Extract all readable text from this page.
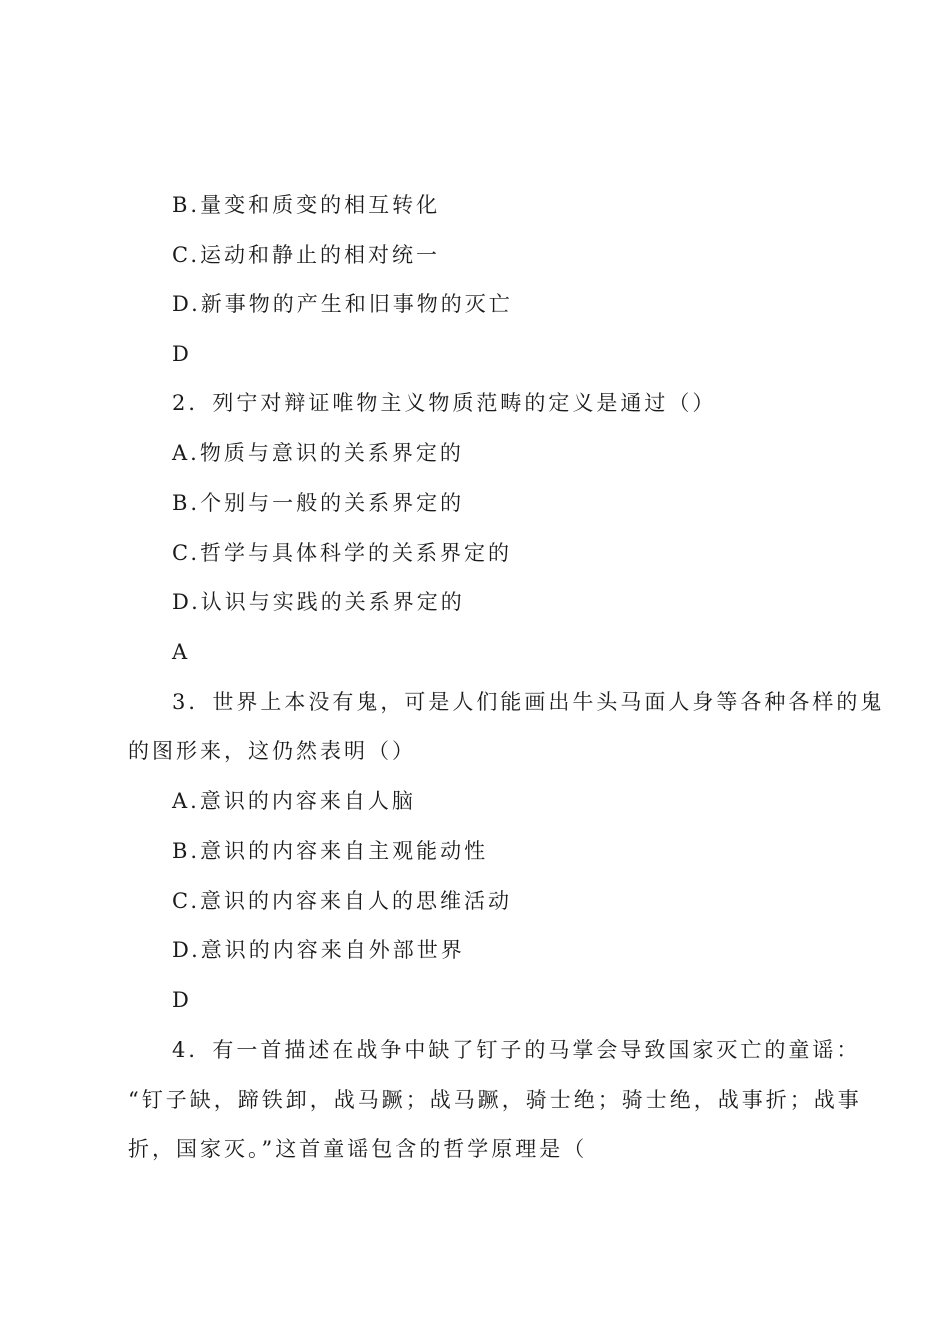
B.量变和质变的相互转化
C.运动和静止的相对统一
D.新事物的产生和旧事物的灭亡
D
2．列宁对辩证唯物主义物质范畴的定义是通过（）
A.物质与意识的关系界定的
B.个别与一般的关系界定的
C.哲学与具体科学的关系界定的
D.认识与实践的关系界定的
A
3．世界上本没有鬼，可是人们能画出牛头马面人身等各种各样的鬼
的图形来，这仍然表明（）
A.意识的内容来自人脑
B.意识的内容来自主观能动性
C.意识的内容来自人的思维活动
D.意识的内容来自外部世界
D
4．有一首描述在战争中缺了钉子的马掌会导致国家灭亡的童谣：
“钉子缺，蹄铁卸，战马蹶；战马蹶，骑士绝；骑士绝，战事折；战事
折，国家灭。”这首童谣包含的哲学原理是（
